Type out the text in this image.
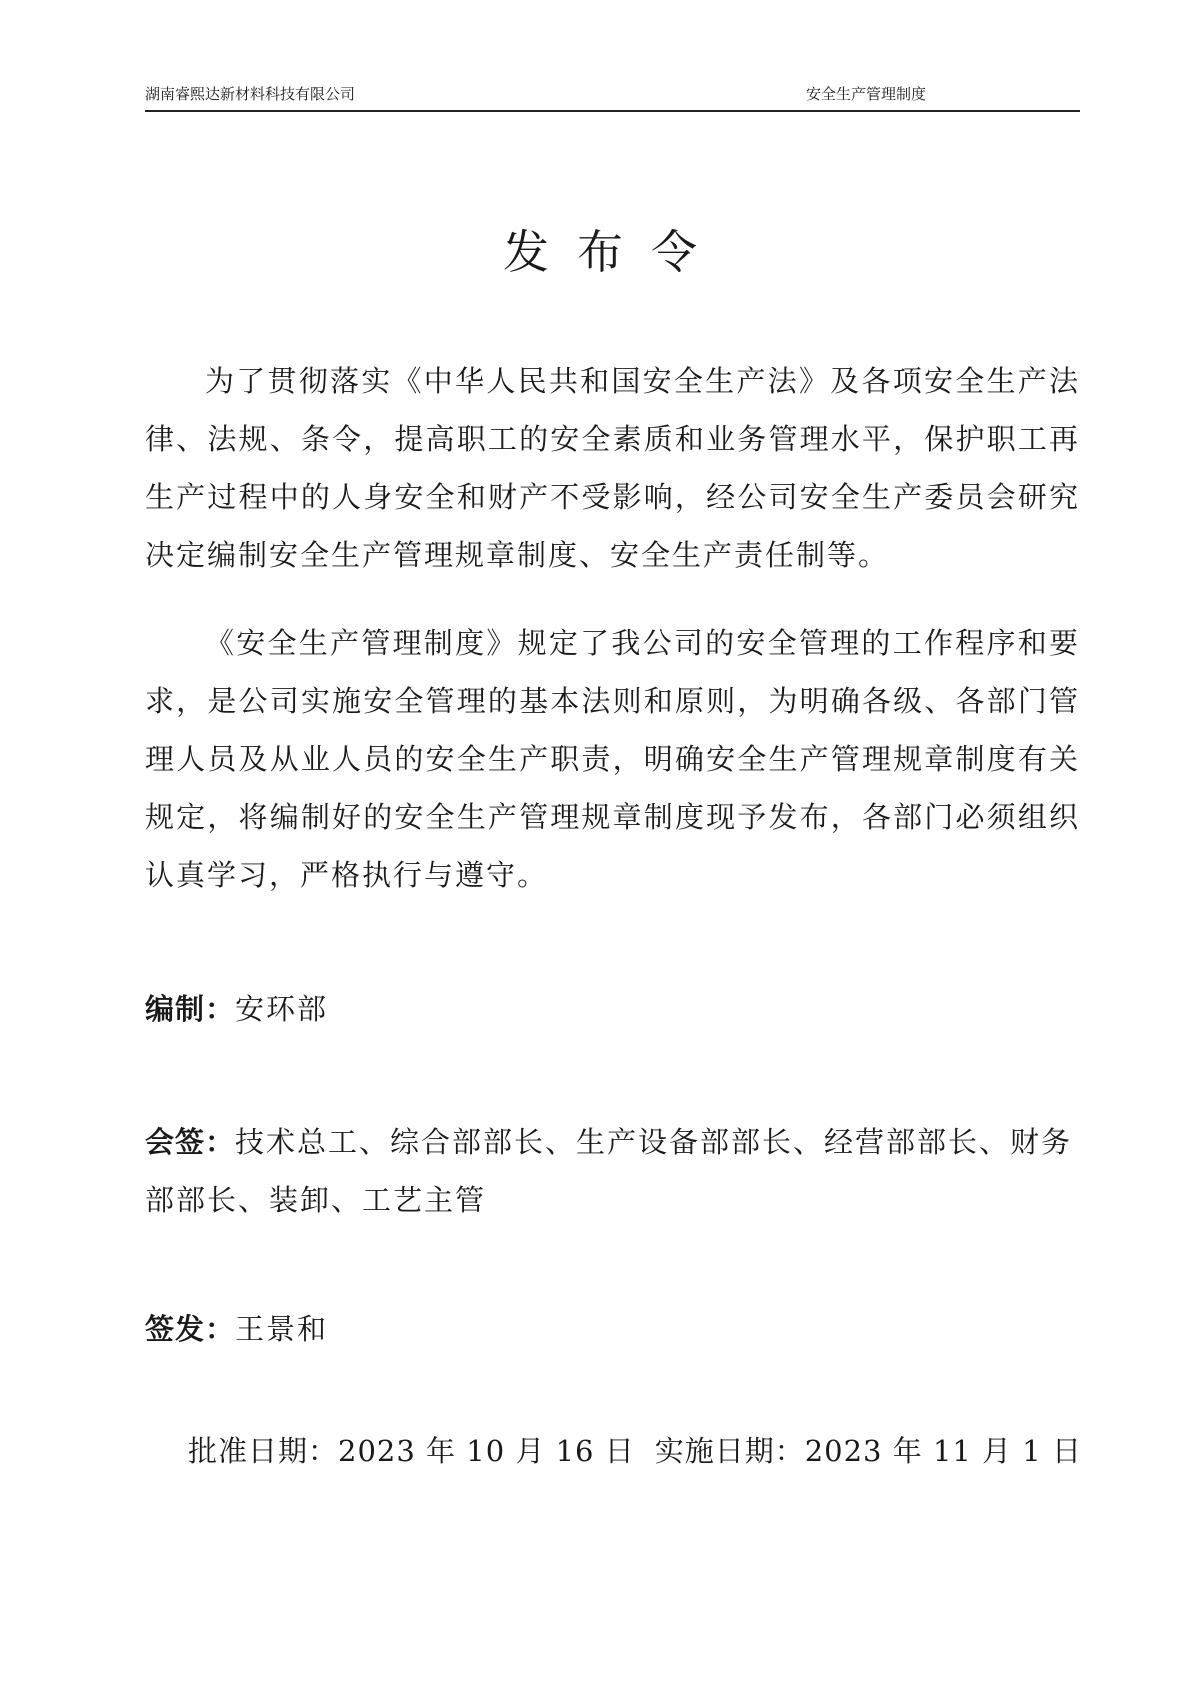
湖南睿熙达新材料科技有限公司	安全生产管理制度
发布令

为了贯彻落实《中华人民共和国安全生产法》及各项安全生产法律、法规、条令，提高职工的安全素质和业务管理水平，保护职工再生产过程中的人身安全和财产不受影响，经公司安全生产委员会研究决定编制安全生产管理规章制度、安全生产责任制等。

《安全生产管理制度》规定了我公司的安全管理的工作程序和要求，是公司实施安全管理的基本法则和原则，为明确各级、各部门管理人员及从业人员的安全生产职责，明确安全生产管理规章制度有关规定，将编制好的安全生产管理规章制度现予发布，各部门必须组织认真学习，严格执行与遵守。

编制：安环部

会签：技术总工、综合部部长、生产设备部部长、经营部部长、财务部部长、装卸、工艺主管

签发：王景和

批准日期：2023 年 10 月 16 日 实施日期：2023 年 11 月 1 日
